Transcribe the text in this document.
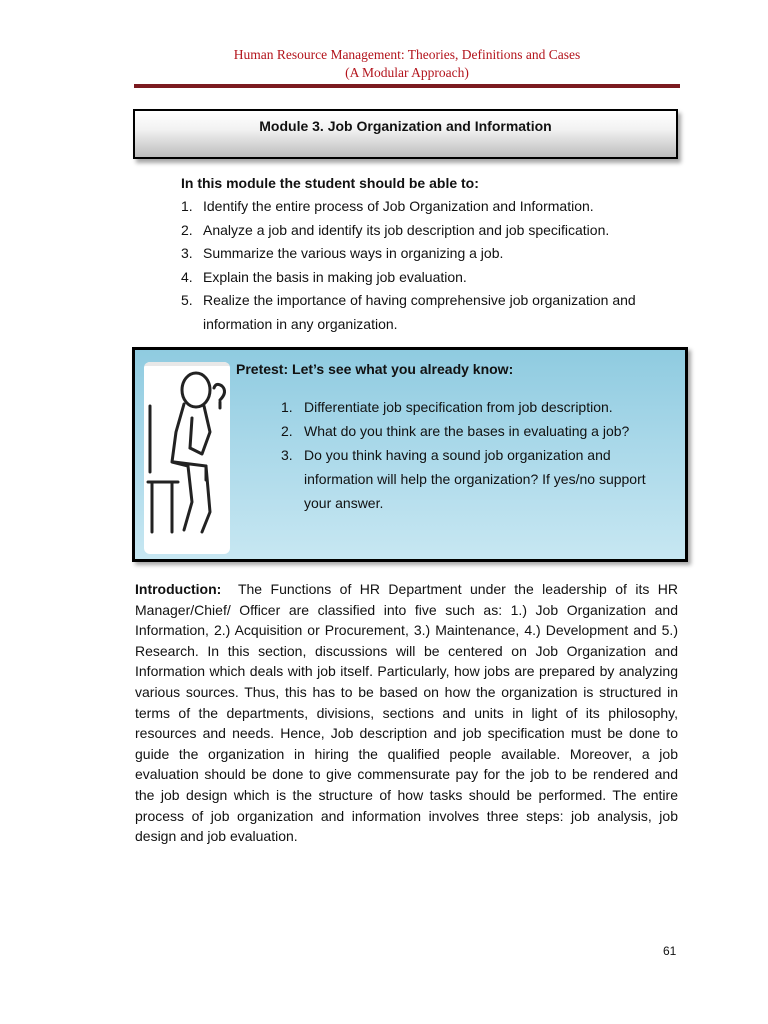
Human Resource Management: Theories, Definitions and Cases
(A Modular Approach)
Module 3. Job Organization and Information
In this module the student should be able to:
1. Identify the entire process of Job Organization and Information.
2. Analyze a job and identify its job description and job specification.
3. Summarize the various ways in organizing a job.
4. Explain the basis in making job evaluation.
5. Realize the importance of having comprehensive job organization and information in any organization.
Pretest: Let’s see what you already know:
1. Differentiate job specification from job description.
2. What do you think are the bases in evaluating a job?
3. Do you think having a sound job organization and information will help the organization? If yes/no support your answer.
Introduction: The Functions of HR Department under the leadership of its HR Manager/Chief/ Officer are classified into five such as: 1.) Job Organization and Information, 2.) Acquisition or Procurement, 3.) Maintenance, 4.) Development and 5.) Research. In this section, discussions will be centered on Job Organization and Information which deals with job itself. Particularly, how jobs are prepared by analyzing various sources. Thus, this has to be based on how the organization is structured in terms of the departments, divisions, sections and units in light of its philosophy, resources and needs. Hence, Job description and job specification must be done to guide the organization in hiring the qualified people available. Moreover, a job evaluation should be done to give commensurate pay for the job to be rendered and the job design which is the structure of how tasks should be performed. The entire process of job organization and information involves three steps: job analysis, job design and job evaluation.
61
